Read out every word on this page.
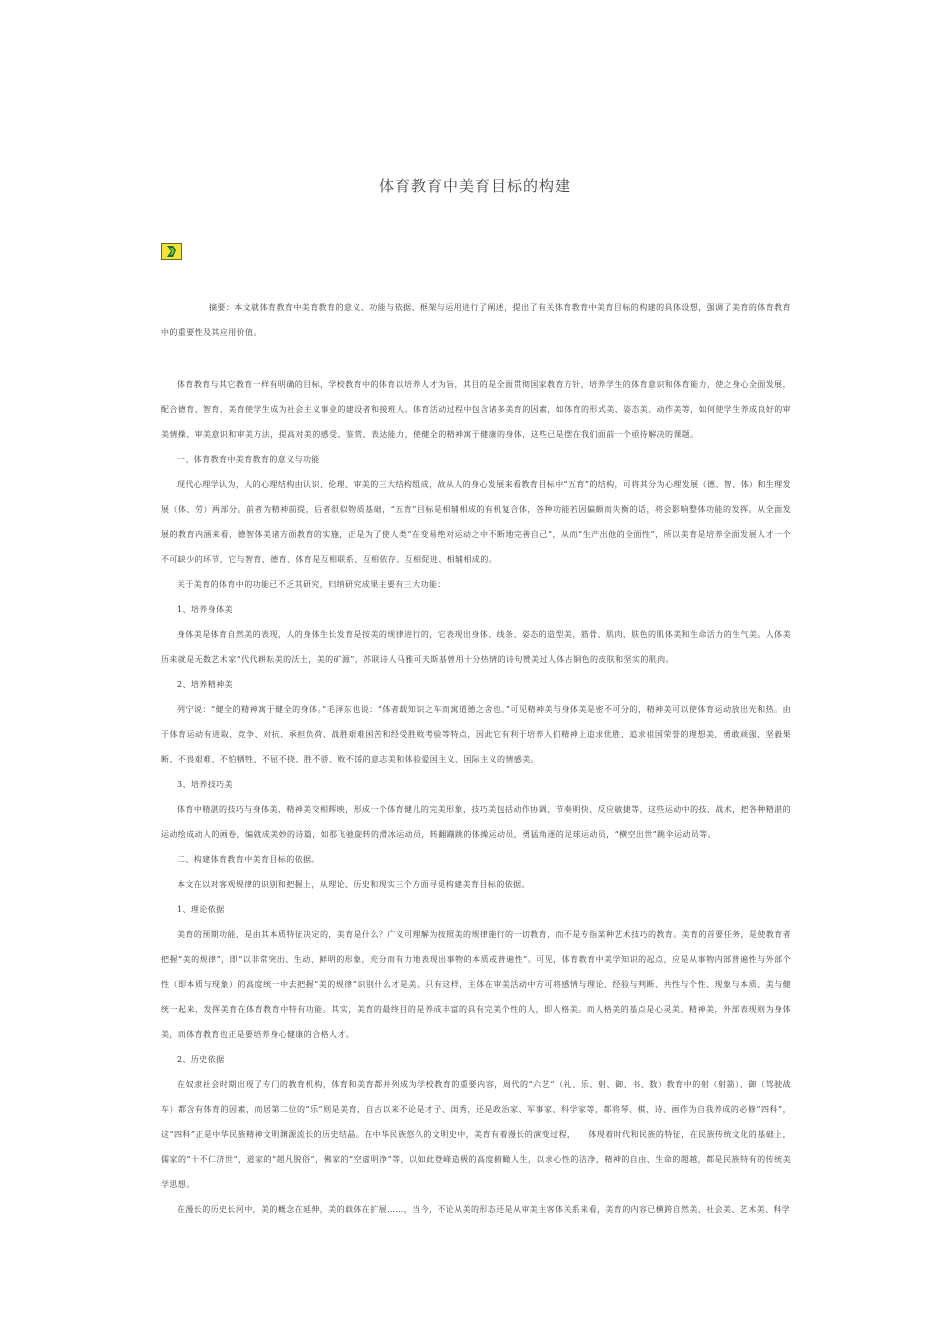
体育教育中美育目标的构建

摘要：本文就体育教育中美育教育的意义、功能与依据、框架与运用进行了阐述，提出了有关体育教育中美育目标的构建的具体设想，强调了美育的体育教育中的重要性及其应用价值。

体育教育与其它教育一样有明确的目标，学校教育中的体育以培养人才为旨，其目的是全面贯彻国家教育方针，培养学生的体育意识和体育能力，使之身心全面发展，配合德育、智育、美育使学生成为社会主义事业的建设者和接班人。体育活动过程中包含诸多美育的因素，如体育的形式美、姿态美、动作美等，如何使学生养成良好的审美情操、审美意识和审美方法，提高对美的感受、鉴赏、表达能力，使健全的精神寓于健康的身体，这些已是摆在我们面前一个亟待解决的课题。

一、体育教育中美育教育的意义与功能

现代心理学认为，人的心理结构由认识、伦理、审美的三大结构组成，故从人的身心发展来看教育目标中“五育”的结构，可将其分为心理发展（德、智、体）和生理发展（体、劳）两部分。前者为精神前提，后者很似物质基础，“五育”目标是相辅相成的有机复合体，各种功能若因偏颇而失衡的话，将会影响整体功能的发挥。从全面发展的教育内涵来看，德智体美诸方面教育的实施，正是为了使人类“在变易绝对运动之中不断地完善自己”，从而“生产出他的全面性”，所以美育是培养全面发展人才一个不可缺少的环节，它与智育、德育、体育是互相联系、互相依存、互相促进、相辅相成的。

关于美育的体育中的功能已不乏其研究，归纳研究成果主要有三大功能：

1、培养身体美

身体美是体育自然美的表现，人的身体生长发育是按美的规律进行的，它表现出身体、线条、姿态的造型美，筋骨、肌肉、肤色的肌体美和生命活力的生气美。人体美历来就是无数艺术家“代代耕耘美的沃土，美的矿源”，苏联诗人马雅可夫斯基曾用十分热情的诗句赞美过人体古铜色的皮肤和坚实的肌肉。

2、培养精神美

列宁说：“健全的精神寓于健全的身体。”毛泽东也说：“体者载知识之车而寓道德之舍也。”可见精神美与身体美是密不可分的，精神美可以使体育运动放出光和热。由于体育运动有进取、竞争、对抗、承担负荷、战胜艰难困苦和经受胜败考验等特点，因此它有利于培养人们精神上追求优胜、追求祖国荣誉的理想美，勇敢顽强、坚毅果断、不畏艰难、不怕牺牲、不屈不挠、胜不骄、败不馁的意志美和体验爱国主义、国际主义的情感美。

3、培养技巧美

体育中精湛的技巧与身体美、精神美交相辉映，形成一个体育健儿的完美形象，技巧美包括动作协调、节奏明快、反应敏捷等，这些运动中的技、战术，把各种精湛的运动绘成动人的画卷，编就成美妙的诗篇，如那飞驰旋转的滑冰运动员，转翻蹦跳的体操运动员，勇猛角逐的足球运动员，“横空出世”跳伞运动员等。

二、构建体育教育中美育目标的依据。

本文在以对客观规律的识别和把握上，从理论、历史和现实三个方面寻觅构建美育目标的依据。

1、理论依据

美育的预期功能，是由其本质特征决定的，美育是什么？广义可理解为按照美的规律施行的一切教育，而不是专指某种艺术技巧的教育。美育的首要任务，是使教育者把握“美的规律”，即“以非常突出、生动、鲜明的形象，充分而有力地表现出事物的本质或普遍性”。可见，体育教育中美学知识的起点，应是从事物内部普遍性与外部个性（即本质与现象）的高度统一中去把握“美的规律”识别什么才是美。只有这样，主体在审美活动中方可将感情与理论、经验与判断、共性与个性、现象与本质、美与健统一起来，发挥美育在体育教育中特有功能。其实，美育的最终目的是养成丰富的具有完美个性的人，即人格美。而人格美的基点是心灵美、精神美，外部表现则为身体美，而体育教育也正是要培养身心健康的合格人才。

2、历史依据

在奴隶社会时期出现了专门的教育机构，体育和美育都并列成为学校教育的重要内容，周代的“六艺”（礼、乐、射、御、书、数）教育中的射（射箭）、御（驾驶战车）都含有体育的因素，而居第二位的“乐”则是美育，自古以来不论是才子、闺秀，还是政治家、军事家、科学家等，都将琴、棋、诗、画作为自我养成的必修“四科”，这“四科”正是中华民族精神文明渊源流长的历史结晶。在中华民族悠久的文明史中，美育有着漫长的演变过程，　　体现着时代和民族的特征，在民族传统文化的基础上，儒家的“十不仁济世”，道家的“超凡脱俗”，佛家的“空虚明净”等，以如此登峰造极的高度俯瞰人生，以求心性的洁净，精神的自由、生命的超越，都是民族特有的传统美学思想。

在漫长的历史长河中，美的概念在延伸，美的载体在扩展……，当今，不论从美的形态还是从审美主客体关系来看，美育的内容已横跨自然美、社会美、艺术美、科学
